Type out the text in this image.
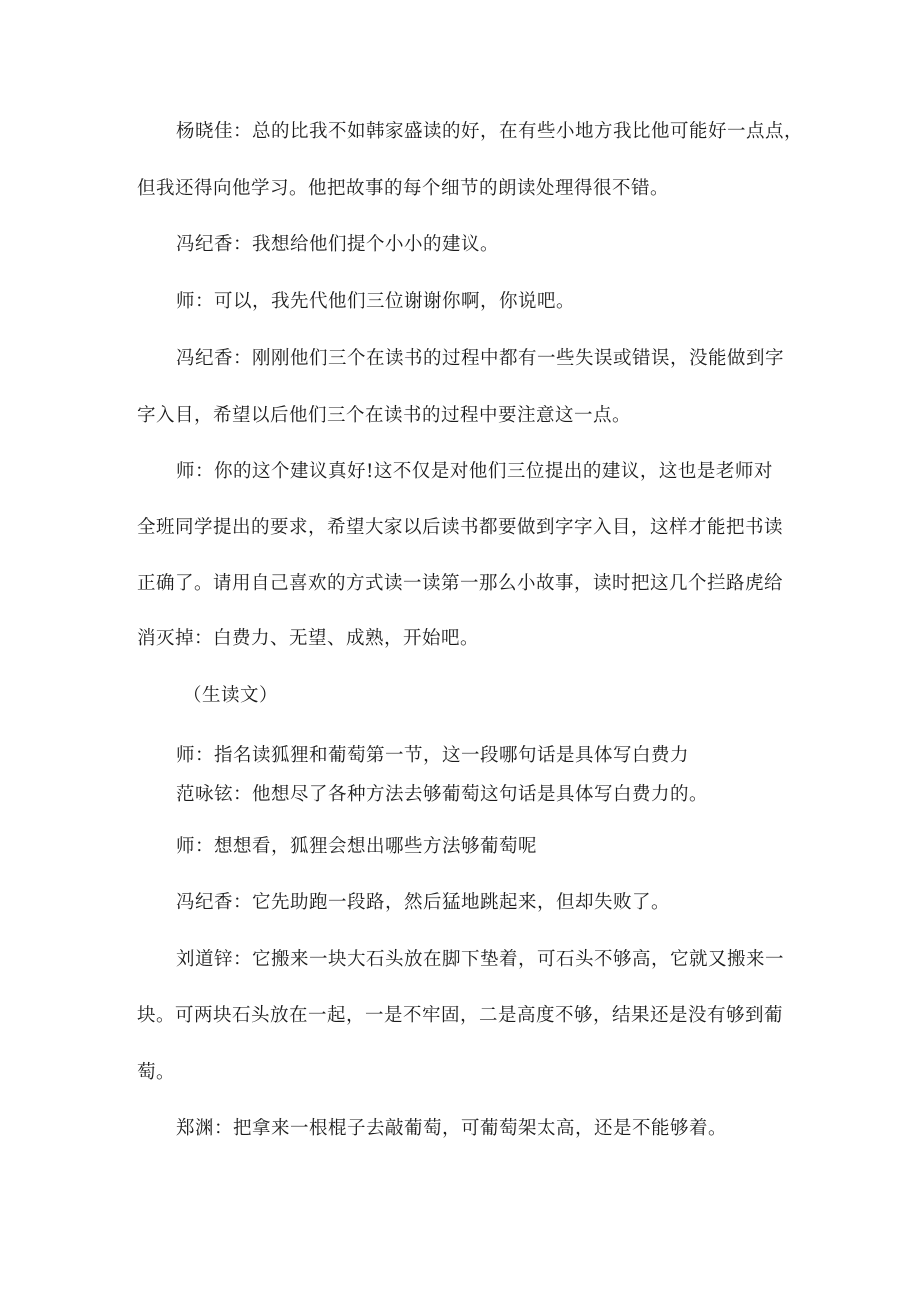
杨晓佳：总的比我不如韩家盛读的好，在有些小地方我比他可能好一点点，
但我还得向他学习。他把故事的每个细节的朗读处理得很不错。
冯纪香：我想给他们提个小小的建议。
师：可以，我先代他们三位谢谢你啊，你说吧。
冯纪香：刚刚他们三个在读书的过程中都有一些失误或错误，没能做到字
字入目，希望以后他们三个在读书的过程中要注意这一点。
师：你的这个建议真好!这不仅是对他们三位提出的建议，这也是老师对
全班同学提出的要求，希望大家以后读书都要做到字字入目，这样才能把书读
正确了。请用自己喜欢的方式读一读第一那么小故事，读时把这几个拦路虎给
消灭掉：白费力、无望、成熟，开始吧。
（生读文）
师：指名读狐狸和葡萄第一节，这一段哪句话是具体写白费力
范咏铉：他想尽了各种方法去够葡萄这句话是具体写白费力的。
师：想想看，狐狸会想出哪些方法够葡萄呢
冯纪香：它先助跑一段路，然后猛地跳起来，但却失败了。
刘道锌：它搬来一块大石头放在脚下垫着，可石头不够高，它就又搬来一
块。可两块石头放在一起，一是不牢固，二是高度不够，结果还是没有够到葡
萄。
郑渊：把拿来一根棍子去敲葡萄，可葡萄架太高，还是不能够着。
